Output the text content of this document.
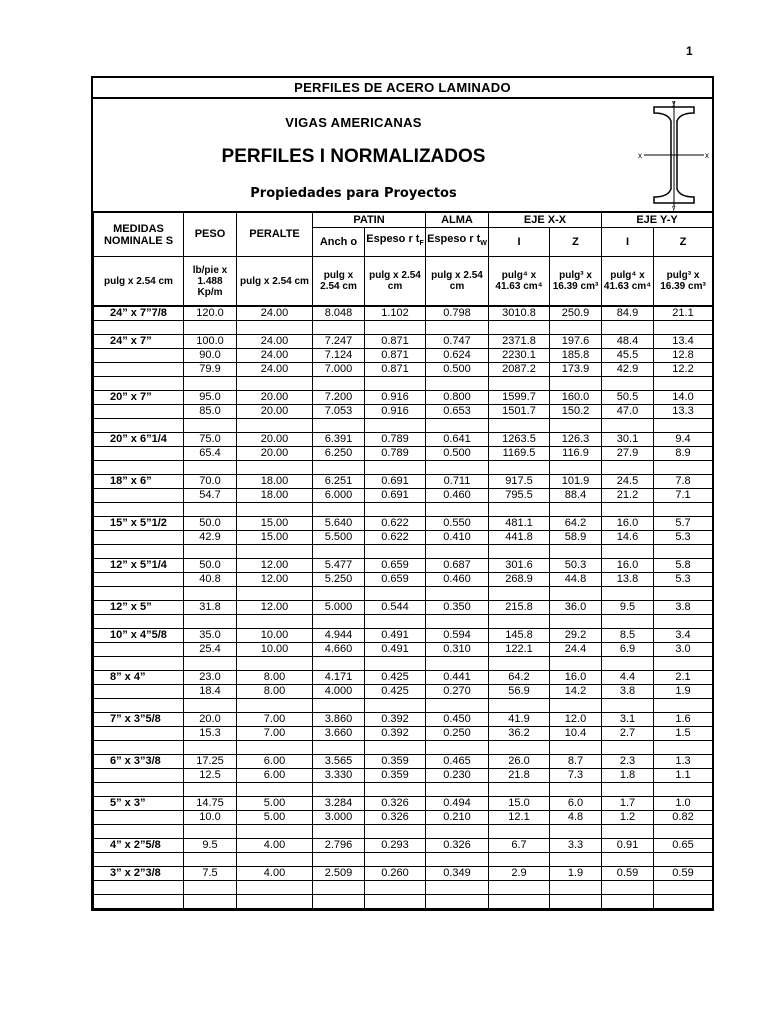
1
PERFILES DE ACERO LAMINADO
VIGAS AMERICANAS
PERFILES I NORMALIZADOS
Propiedades para Proyectos
y
x	x
y
MEDIDAS NOMINALE S	PESO	PERALTE	PATIN		ALMA	EJE X-X		EJE Y-Y	
			Anch o	Espeso r $t_F$	Espeso r $t_W$	I	Z	I	Z
pulg x 2.54 cm	lb/pie x 1.488 Kp/m	pulg x 2.54 cm	pulg x 2.54 cm	pulg x 2.54 cm	pulg x 2.54 cm	pulg⁴ x 41.63 cm⁴	pulg³ x 16.39 cm³	pulg⁴ x 41.63 cm⁴	pulg³ x 16.39 cm³
24” x 7”7/8	120.0	24.00	8.048	1.102	0.798	3010.8	250.9	84.9	21.1

24” x 7”	100.0	24.00	7.247	0.871	0.747	2371.8	197.6	48.4	13.4
	90.0	24.00	7.124	0.871	0.624	2230.1	185.8	45.5	12.8
	79.9	24.00	7.000	0.871	0.500	2087.2	173.9	42.9	12.2

20” x 7”	95.0	20.00	7.200	0.916	0.800	1599.7	160.0	50.5	14.0
	85.0	20.00	7.053	0.916	0.653	1501.7	150.2	47.0	13.3

20” x 6”1/4	75.0	20.00	6.391	0.789	0.641	1263.5	126.3	30.1	9.4
	65.4	20.00	6.250	0.789	0.500	1169.5	116.9	27.9	8.9

18” x 6”	70.0	18.00	6.251	0.691	0.711	917.5	101.9	24.5	7.8
	54.7	18.00	6.000	0.691	0.460	795.5	88.4	21.2	7.1

15” x 5”1/2	50.0	15.00	5.640	0.622	0.550	481.1	64.2	16.0	5.7
	42.9	15.00	5.500	0.622	0.410	441.8	58.9	14.6	5.3

12” x 5”1/4	50.0	12.00	5.477	0.659	0.687	301.6	50.3	16.0	5.8
	40.8	12.00	5.250	0.659	0.460	268.9	44.8	13.8	5.3

12” x 5”	31.8	12.00	5.000	0.544	0.350	215.8	36.0	9.5	3.8

10” x 4”5/8	35.0	10.00	4.944	0.491	0.594	145.8	29.2	8.5	3.4
	25.4	10.00	4.660	0.491	0.310	122.1	24.4	6.9	3.0

8” x 4”	23.0	8.00	4.171	0.425	0.441	64.2	16.0	4.4	2.1
	18.4	8.00	4.000	0.425	0.270	56.9	14.2	3.8	1.9

7” x 3”5/8	20.0	7.00	3.860	0.392	0.450	41.9	12.0	3.1	1.6
	15.3	7.00	3.660	0.392	0.250	36.2	10.4	2.7	1.5

6” x 3”3/8	17.25	6.00	3.565	0.359	0.465	26.0	8.7	2.3	1.3
	12.5	6.00	3.330	0.359	0.230	21.8	7.3	1.8	1.1

5” x 3”	14.75	5.00	3.284	0.326	0.494	15.0	6.0	1.7	1.0
	10.0	5.00	3.000	0.326	0.210	12.1	4.8	1.2	0.82

4” x 2”5/8	9.5	4.00	2.796	0.293	0.326	6.7	3.3	0.91	0.65

3” x 2”3/8	7.5	4.00	2.509	0.260	0.349	2.9	1.9	0.59	0.59
